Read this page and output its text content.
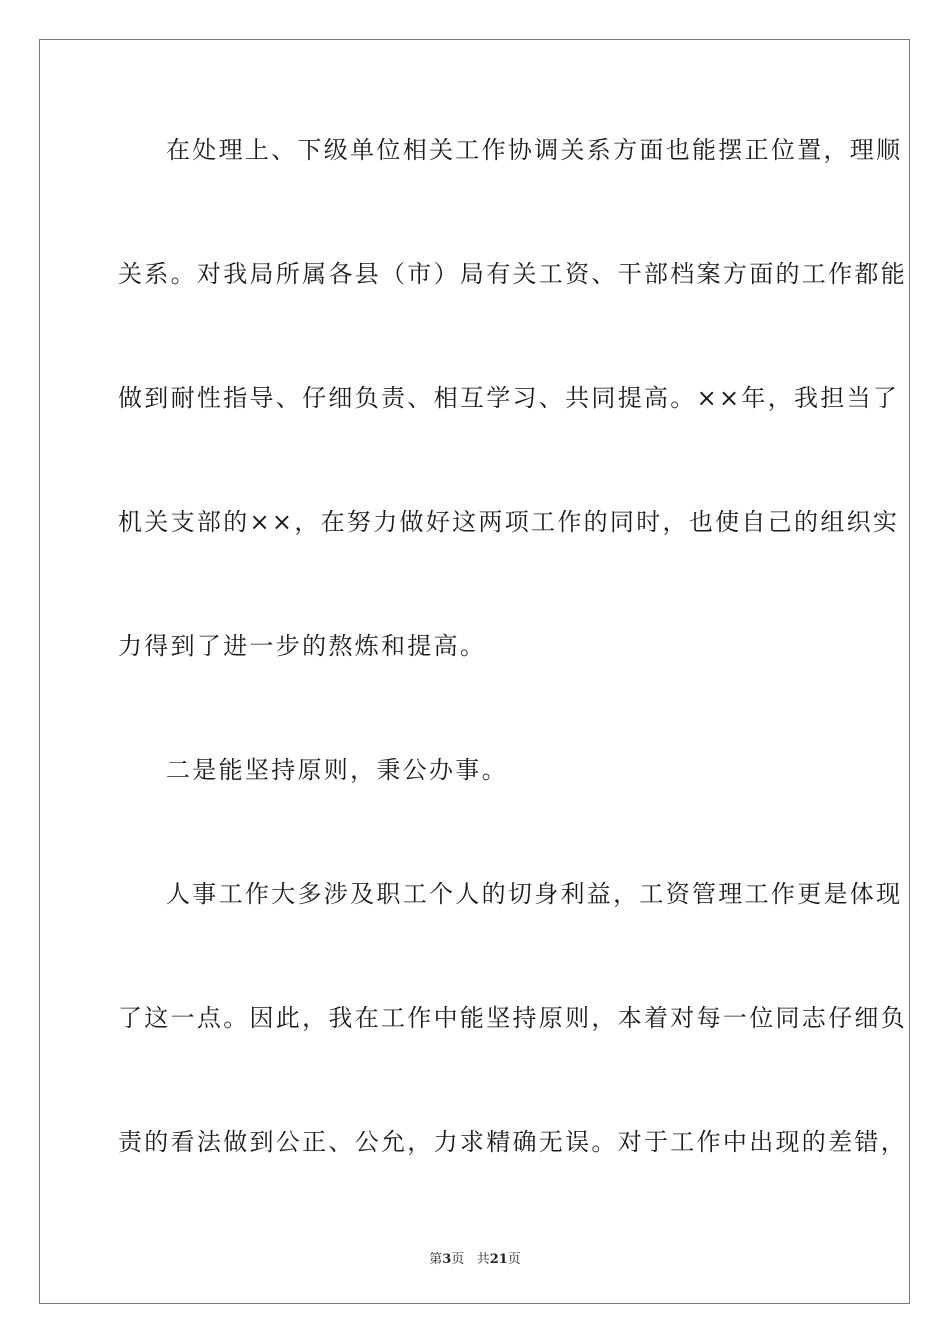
在处理上、下级单位相关工作协调关系方面也能摆正位置，理顺
关系。对我局所属各县（市）局有关工资、干部档案方面的工作都能
做到耐性指导、仔细负责、相互学习、共同提高。××年，我担当了
机关支部的××，在努力做好这两项工作的同时，也使自己的组织实
力得到了进一步的熬炼和提高。
二是能坚持原则，秉公办事。
人事工作大多涉及职工个人的切身利益，工资管理工作更是体现
了这一点。因此，我在工作中能坚持原则，本着对每一位同志仔细负
责的看法做到公正、公允，力求精确无误。对于工作中出现的差错，
第3页 共21页
